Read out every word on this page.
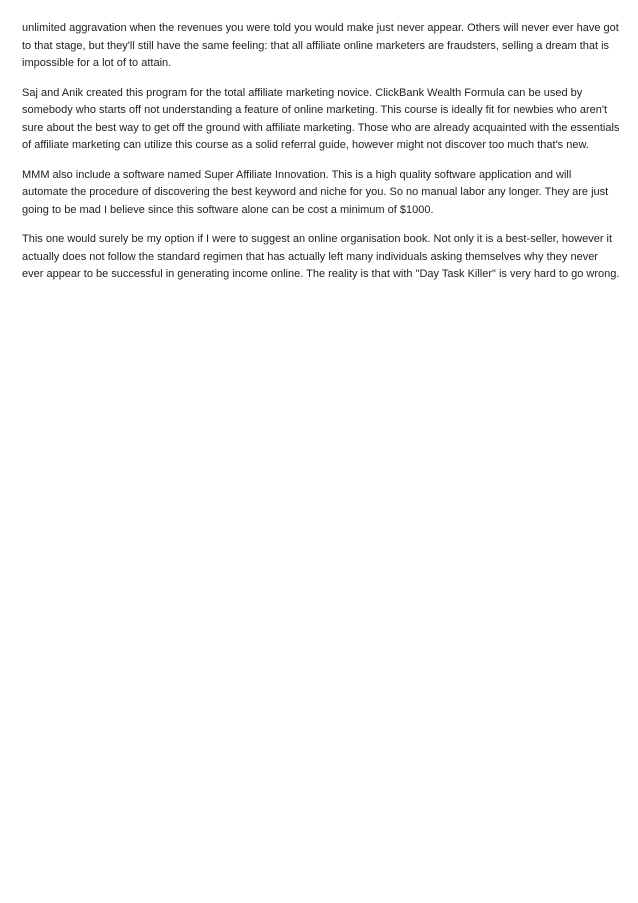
unlimited aggravation when the revenues you were told you would make just never appear. Others will never ever have got to that stage, but they'll still have the same feeling: that all affiliate online marketers are fraudsters, selling a dream that is impossible for a lot of to attain.

Saj and Anik created this program for the total affiliate marketing novice. ClickBank Wealth Formula can be used by somebody who starts off not understanding a feature of online marketing. This course is ideally fit for newbies who aren't sure about the best way to get off the ground with affiliate marketing. Those who are already acquainted with the essentials of affiliate marketing can utilize this course as a solid referral guide, however might not discover too much that's new.

MMM also include a software named Super Affiliate Innovation. This is a high quality software application and will automate the procedure of discovering the best keyword and niche for you. So no manual labor any longer. They are just going to be mad I believe since this software alone can be cost a minimum of $1000.

This one would surely be my option if I were to suggest an online organisation book. Not only it is a best-seller, however it actually does not follow the standard regimen that has actually left many individuals asking themselves why they never ever appear to be successful in generating income online. The reality is that with "Day Task Killer" is very hard to go wrong.
